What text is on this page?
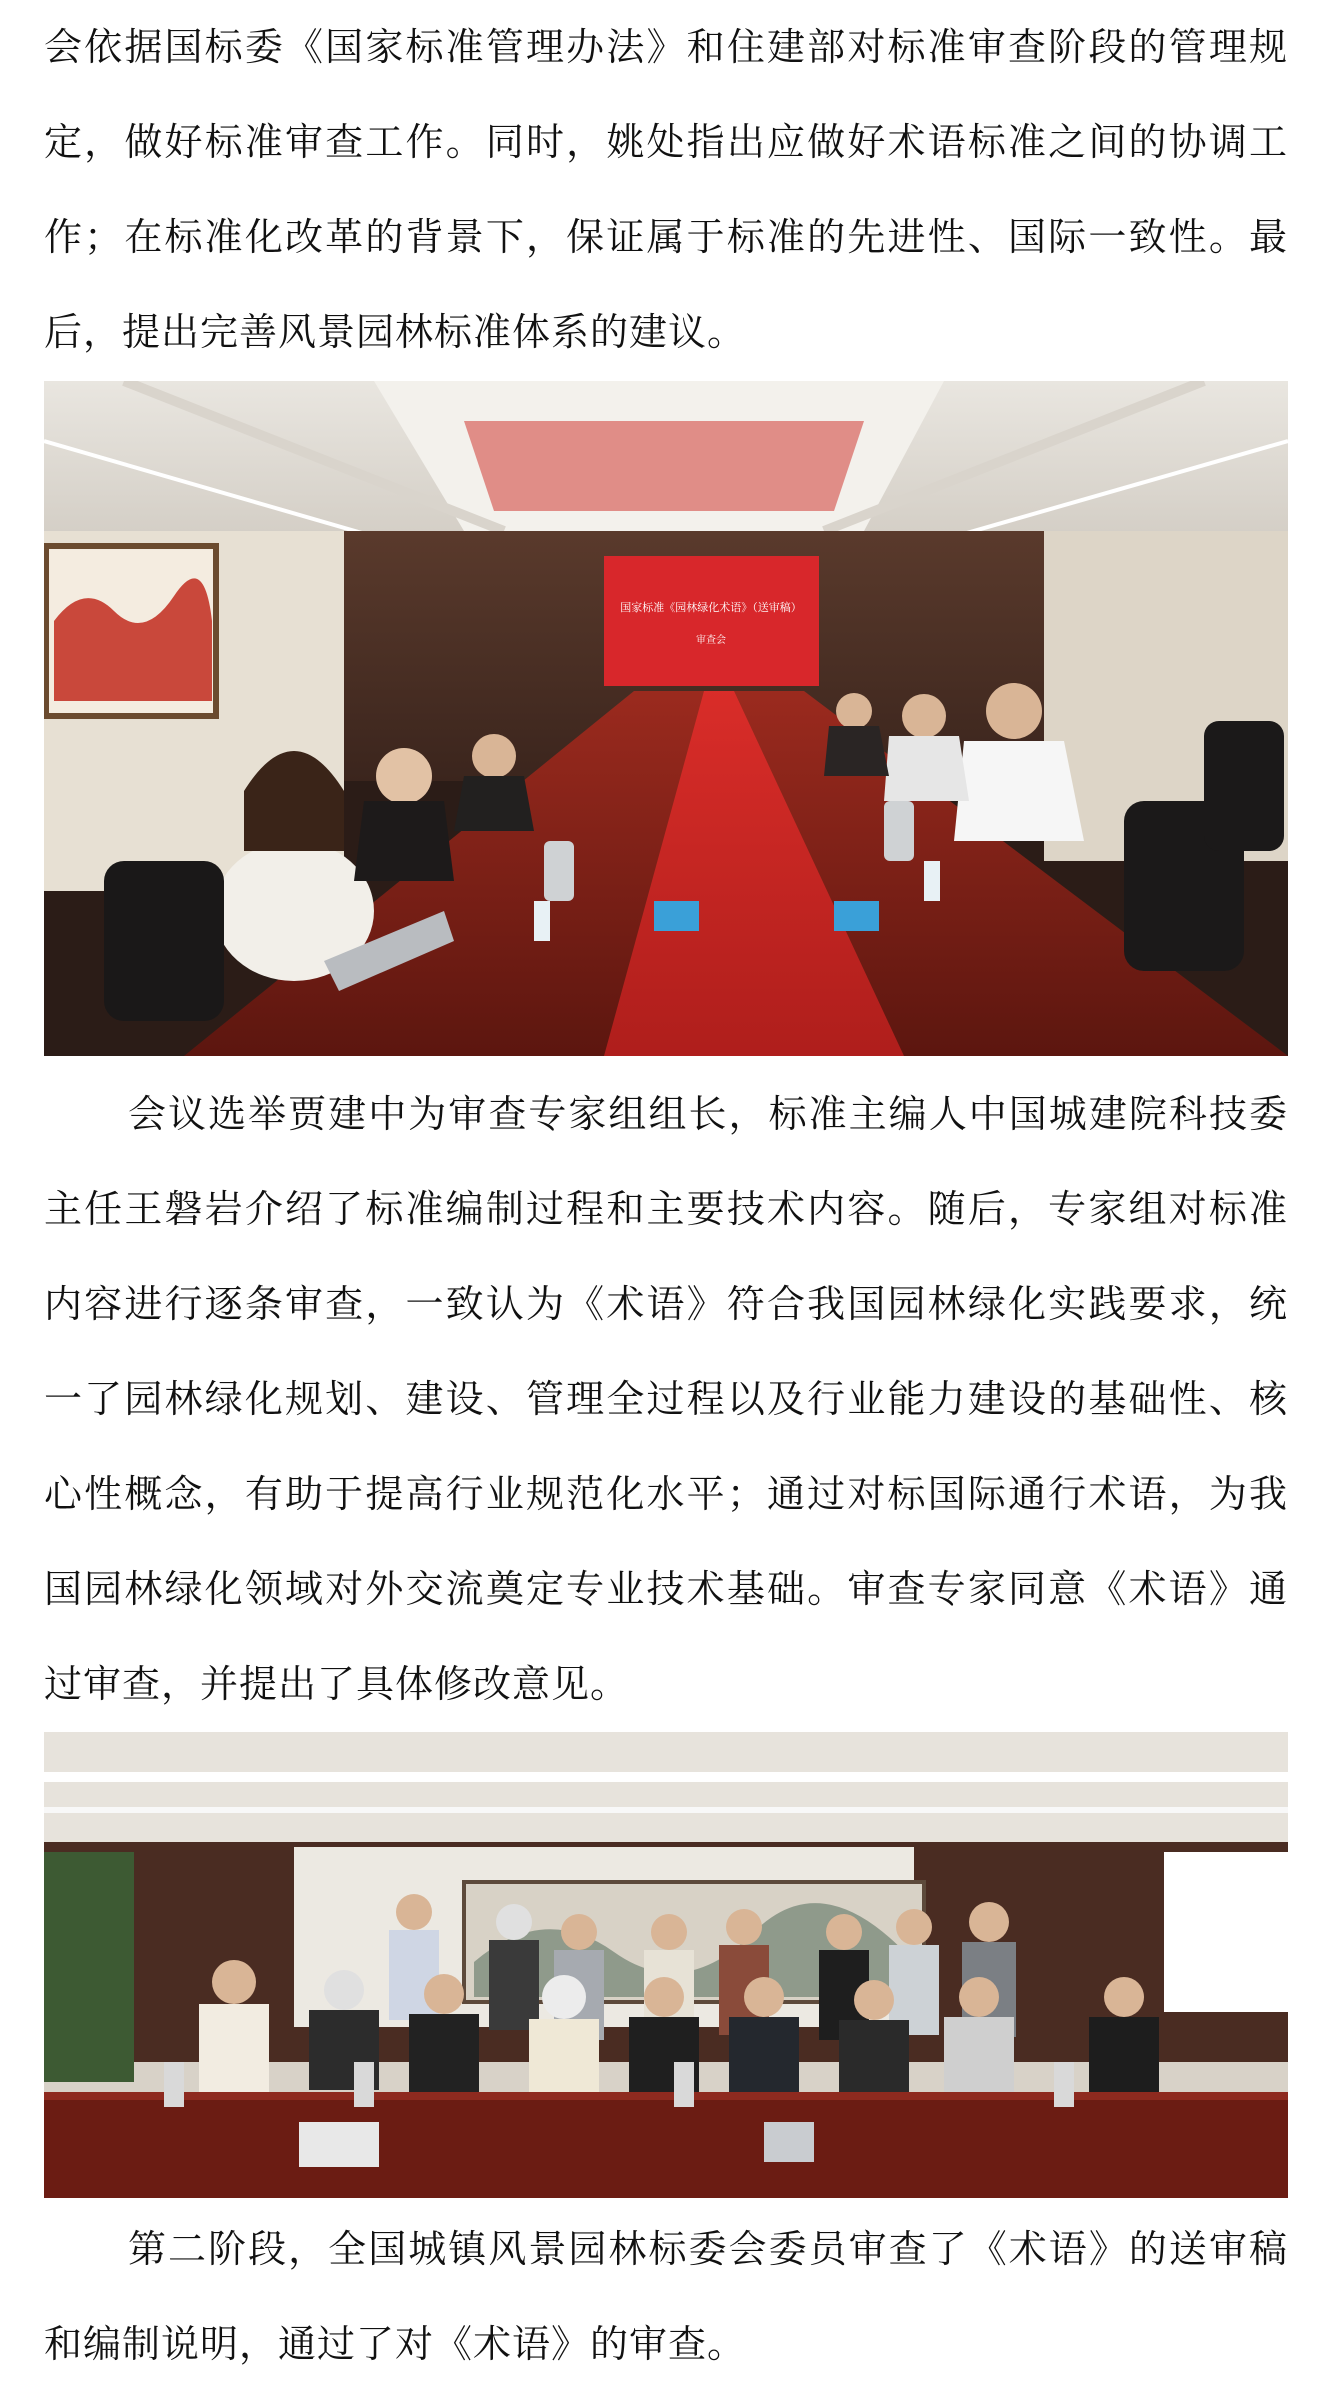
会依据国标委《国家标准管理办法》和住建部对标准审查阶段的管理规定，做好标准审查工作。同时，姚处指出应做好术语标准之间的协调工作；在标准化改革的背景下，保证属于标准的先进性、国际一致性。最后，提出完善风景园林标准体系的建议。

国家标准《园林绿化术语》（送审稿）
审查会

会议选举贾建中为审查专家组组长，标准主编人中国城建院科技委主任王磐岩介绍了标准编制过程和主要技术内容。随后，专家组对标准内容进行逐条审查，一致认为《术语》符合我国园林绿化实践要求，统一了园林绿化规划、建设、管理全过程以及行业能力建设的基础性、核心性概念，有助于提高行业规范化水平；通过对标国际通行术语，为我国园林绿化领域对外交流奠定专业技术基础。审查专家同意《术语》通过审查，并提出了具体修改意见。

第二阶段，全国城镇风景园林标委会委员审查了《术语》的送审稿和编制说明，通过了对《术语》的审查。
